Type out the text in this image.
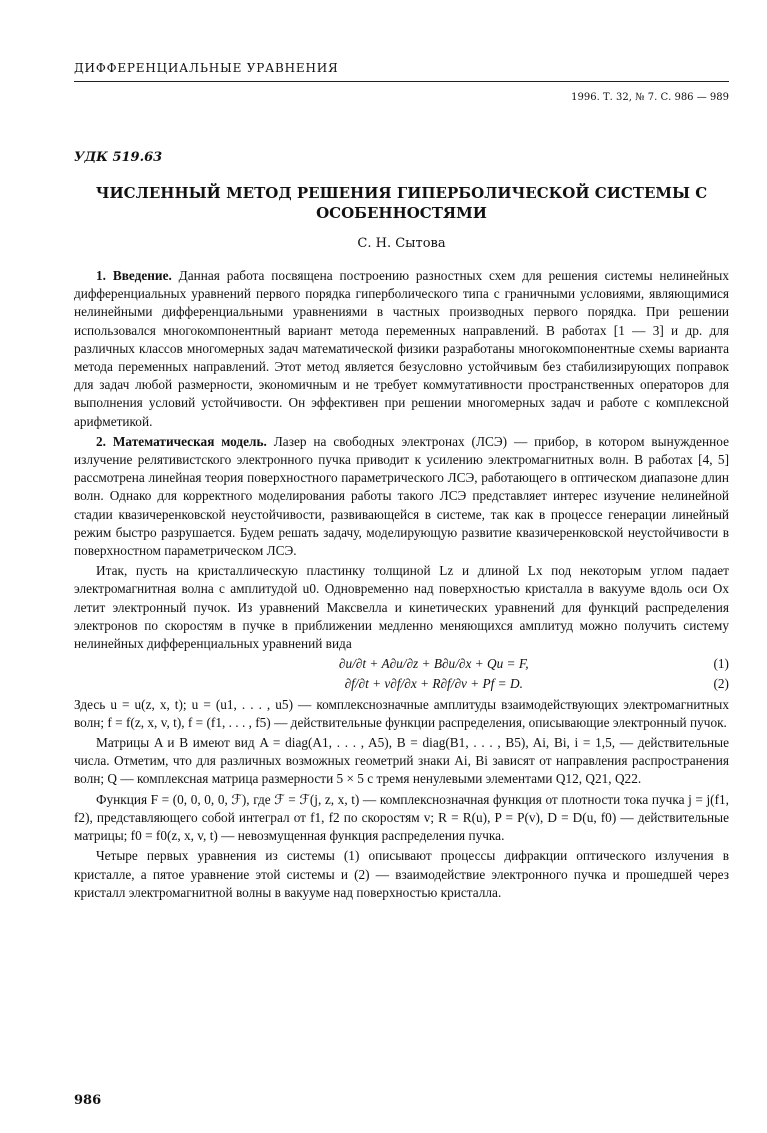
ДИФФЕРЕНЦИАЛЬНЫЕ УРАВНЕНИЯ
1996. Т. 32, № 7. С. 986 — 989
УДК 519.63
ЧИСЛЕННЫЙ МЕТОД РЕШЕНИЯ ГИПЕРБОЛИЧЕСКОЙ СИСТЕМЫ С ОСОБЕННОСТЯМИ
С. Н. Сытова

1. Введение. Данная работа посвящена построению разностных схем для решения системы нелинейных дифференциальных уравнений первого порядка гиперболического типа с граничными условиями, являющимися нелинейными дифференциальными уравнениями в частных производных первого порядка. При решении использовался многокомпонентный вариант метода переменных направлений. В работах [1 — 3] и др. для различных классов многомерных задач математической физики разработаны многокомпонентные схемы варианта метода переменных направлений. Этот метод является безусловно устойчивым без стабилизирующих поправок для задач любой размерности, экономичным и не требует коммутативности пространственных операторов для выполнения условий устойчивости. Он эффективен при решении многомерных задач и работе с комплексной арифметикой.

2. Математическая модель. Лазер на свободных электронах (ЛСЭ) — прибор, в котором вынужденное излучение релятивистского электронного пучка приводит к усилению электромагнитных волн. В работах [4, 5] рассмотрена линейная теория поверхностного параметрического ЛСЭ, работающего в оптическом диапазоне длин волн. Однако для корректного моделирования работы такого ЛСЭ представляет интерес изучение нелинейной стадии квазичеренковской неустойчивости, развивающейся в системе, так как в процессе генерации линейный режим быстро разрушается. Будем решать задачу, моделирующую развитие квазичеренковской неустойчивости в поверхностном параметрическом ЛСЭ.

Итак, пусть на кристаллическую пластинку толщиной Lz и длиной Lx под некоторым углом падает электромагнитная волна с амплитудой u0. Одновременно над поверхностью кристалла в вакууме вдоль оси Ox летит электронный пучок. Из уравнений Максвелла и кинетических уравнений для функций распределения электронов по скоростям в пучке в приближении медленно меняющихся амплитуд можно получить систему нелинейных дифференциальных уравнений вида

∂u/∂t + A∂u/∂z + B∂u/∂x + Qu = F,	(1)
∂f/∂t + v∂f/∂x + R∂f/∂v + Pf = D.	(2)

Здесь u = u(z, x, t); u = (u1, . . . , u5) — комплекснозначные амплитуды взаимодействующих электромагнитных волн; f = f(z, x, v, t), f = (f1, . . . , f5) — действительные функции распределения, описывающие электронный пучок.

Матрицы A и B имеют вид A = diag(A1, . . . , A5), B = diag(B1, . . . , B5), Ai, Bi, i = 1,5, — действительные числа. Отметим, что для различных возможных геометрий знаки Ai, Bi зависят от направления распространения волн; Q — комплексная матрица размерности 5 × 5 с тремя ненулевыми элементами Q12, Q21, Q22.

Функция F = (0, 0, 0, 0, ℱ), где ℱ = ℱ(j, z, x, t) — комплекснозначная функция от плотности тока пучка j = j(f1, f2), представляющего собой интеграл от f1, f2 по скоростям v; R = R(u), P = P(v), D = D(u, f0) — действительные матрицы; f0 = f0(z, x, v, t) — невозмущенная функция распределения пучка.

Четыре первых уравнения из системы (1) описывают процессы дифракции оптического излучения в кристалле, а пятое уравнение этой системы и (2) — взаимодействие электронного пучка и прошедшей через кристалл электромагнитной волны в вакууме над поверхностью кристалла.

986
